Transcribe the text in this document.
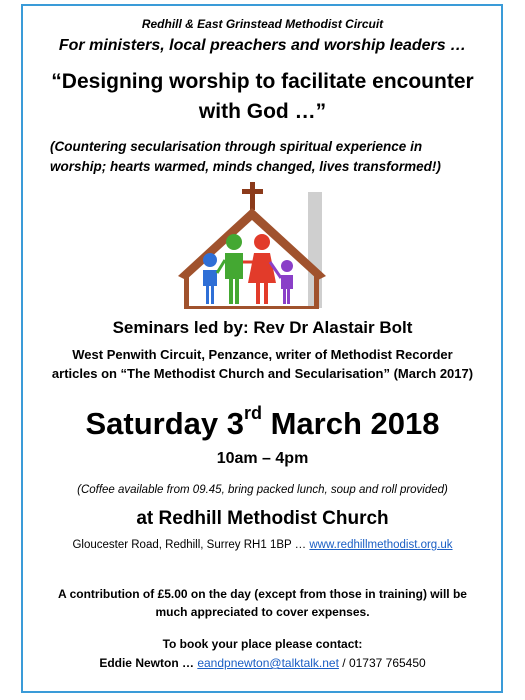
Redhill & East Grinstead Methodist Circuit
For ministers, local preachers and worship leaders …
“Designing worship to facilitate encounter
with God …”
(Countering secularisation through spiritual experience in
worship; hearts warmed, minds changed, lives transformed!)
Seminars led by: Rev Dr Alastair Bolt
West Penwith Circuit, Penzance, writer of Methodist Recorder
articles on “The Methodist Church and Secularisation” (March 2017)
Saturday 3rd March 2018
10am – 4pm
(Coffee available from 09.45, bring packed lunch, soup and roll provided)
at Redhill Methodist Church
Gloucester Road, Redhill, Surrey RH1 1BP … www.redhillmethodist.org.uk
A contribution of £5.00 on the day (except from those in training) will be
much appreciated to cover expenses.
To book your place please contact:
Eddie Newton … eandpnewton@talktalk.net / 01737 765450
